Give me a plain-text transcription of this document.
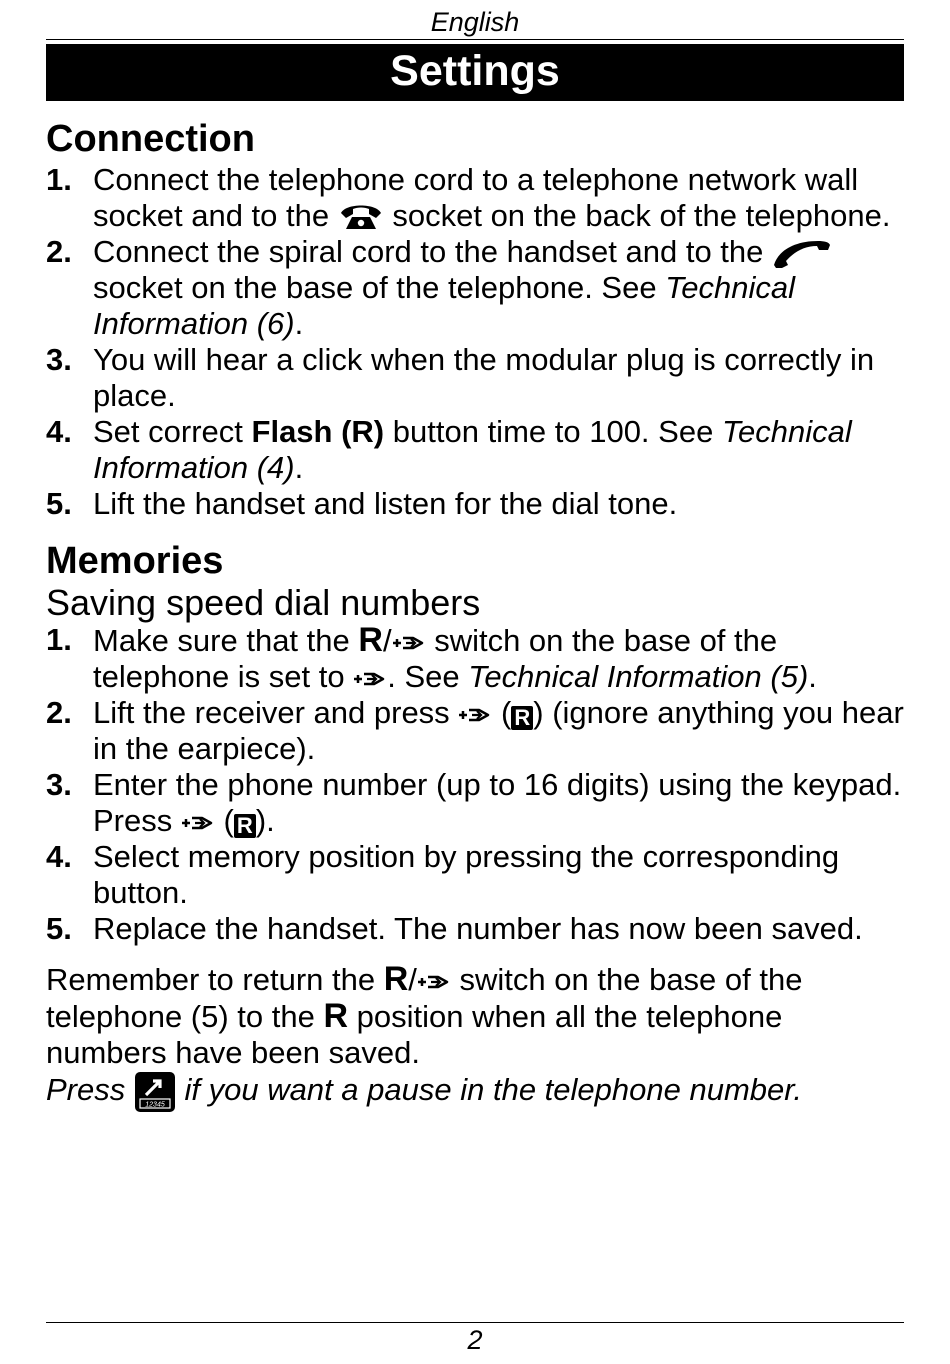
English
Settings
Connection
1. Connect the telephone cord to a telephone network wall socket and to the socket on the back of the telephone.
2. Connect the spiral cord to the handset and to the  socket on the base of the telephone. See Technical Information (6).
3. You will hear a click when the modular plug is correctly in place.
4. Set correct Flash (R) button time to 100. See Technical Information (4).
5. Lift the handset and listen for the dial tone.
Memories
Saving speed dial numbers
1. Make sure that the R/ switch on the base of the telephone is set to . See Technical Information (5).
2. Lift the receiver and press ( R) (ignore anything you hear in the earpiece).
3. Enter the phone number (up to 16 digits) using the keypad. Press ( R).
4. Select memory position by pressing the corresponding button.
5. Replace the handset. The number has now been saved.

Remember to return the R/ switch on the base of the telephone (5) to the R position when all the telephone numbers have been saved.

Press	12345 if you want a pause in the telephone number.

2
